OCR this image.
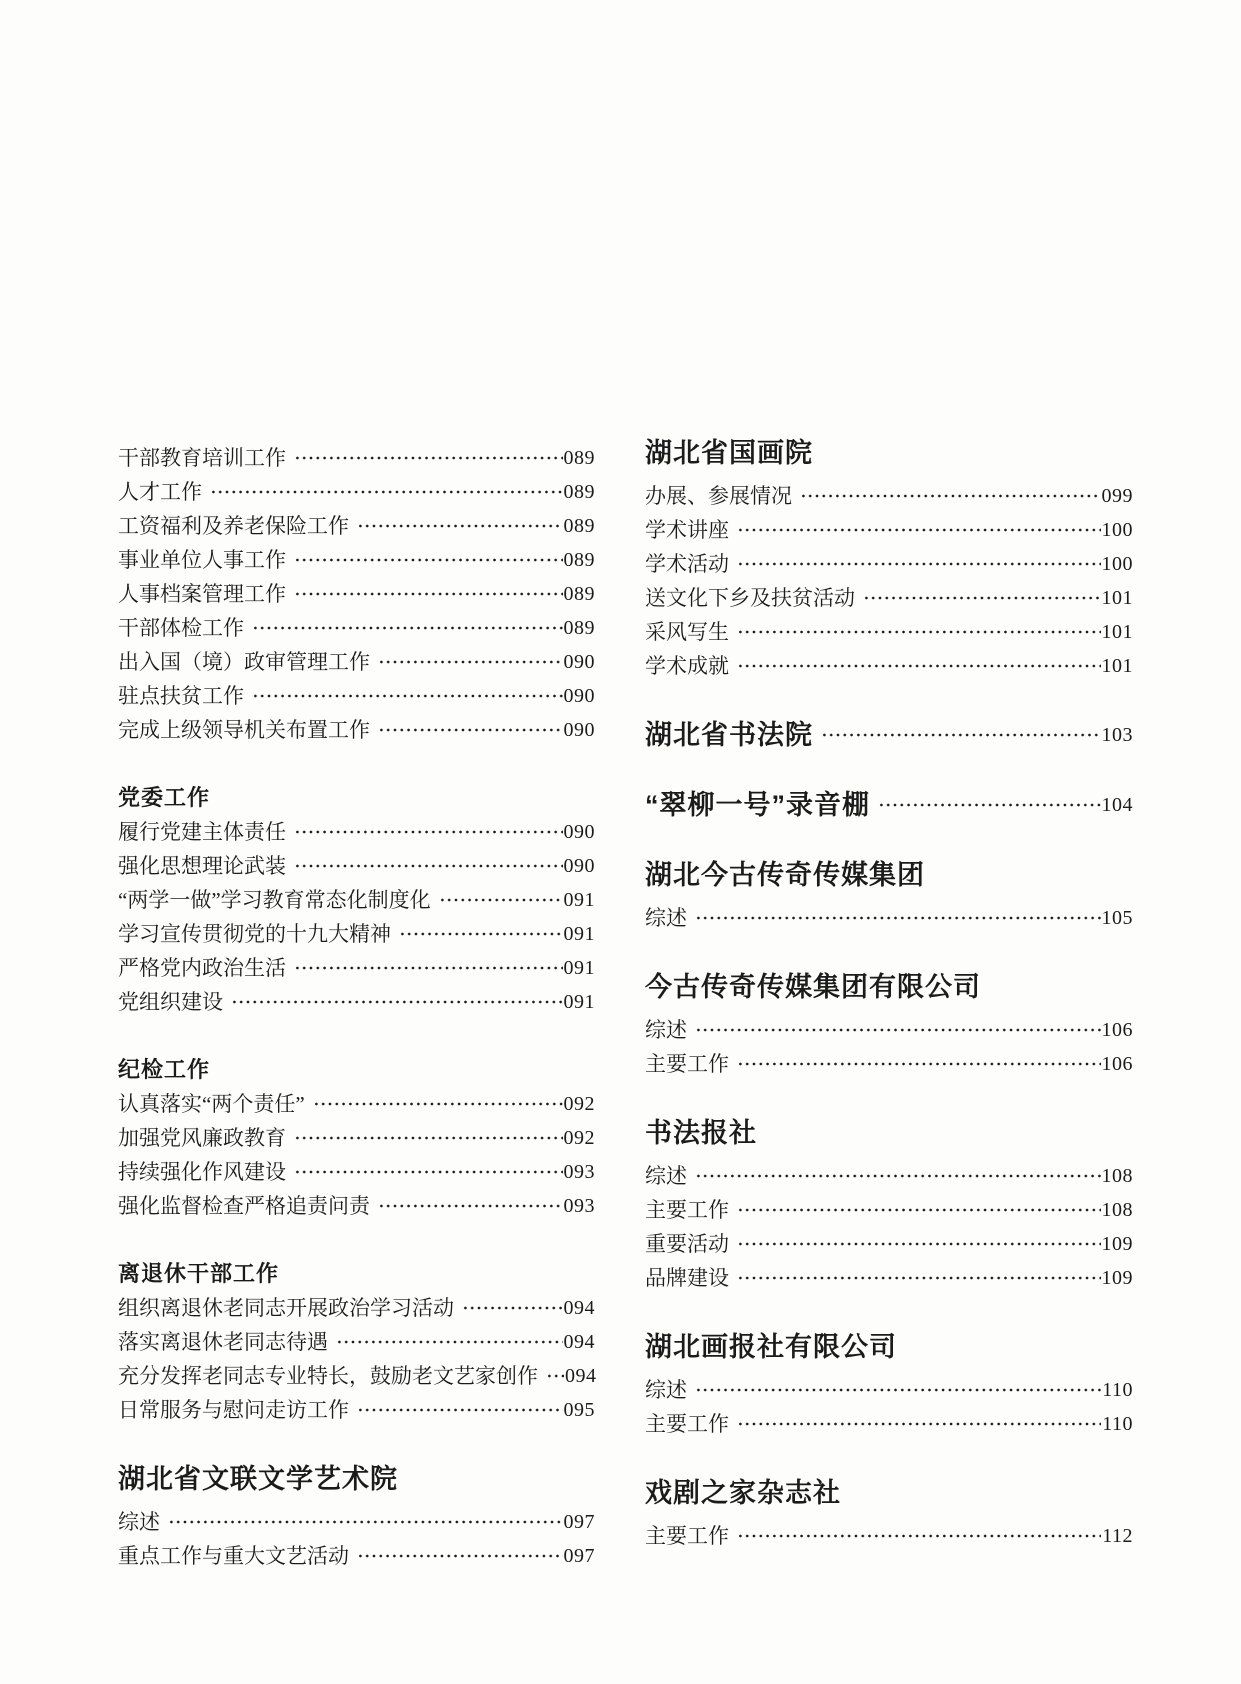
干部教育培训工作	089
人才工作	089
工资福利及养老保险工作	089
事业单位人事工作	089
人事档案管理工作	089
干部体检工作	089
出入国（境）政审管理工作	090
驻点扶贫工作	090
完成上级领导机关布置工作	090
党委工作
履行党建主体责任	090
强化思想理论武装	090
“两学一做”学习教育常态化制度化	091
学习宣传贯彻党的十九大精神	091
严格党内政治生活	091
党组织建设	091
纪检工作
认真落实“两个责任”	092
加强党风廉政教育	092
持续强化作风建设	093
强化监督检查严格追责问责	093
离退休干部工作
组织离退休老同志开展政治学习活动	094
落实离退休老同志待遇	094
充分发挥老同志专业特长，鼓励老文艺家创作 094
日常服务与慰问走访工作	095
湖北省文联文学艺术院
综述	097
重点工作与重大文艺活动	097
湖北省国画院
办展、参展情况	099
学术讲座	100
学术活动	100
送文化下乡及扶贫活动	101
采风写生	101
学术成就	101
湖北省书法院	103
“翠柳一号”录音棚	104
湖北今古传奇传媒集团
综述	105
今古传奇传媒集团有限公司
综述	106
主要工作	106
书法报社
综述	108
主要工作	108
重要活动	109
品牌建设	109
湖北画报社有限公司
综述	110
主要工作	110
戏剧之家杂志社
主要工作	112
